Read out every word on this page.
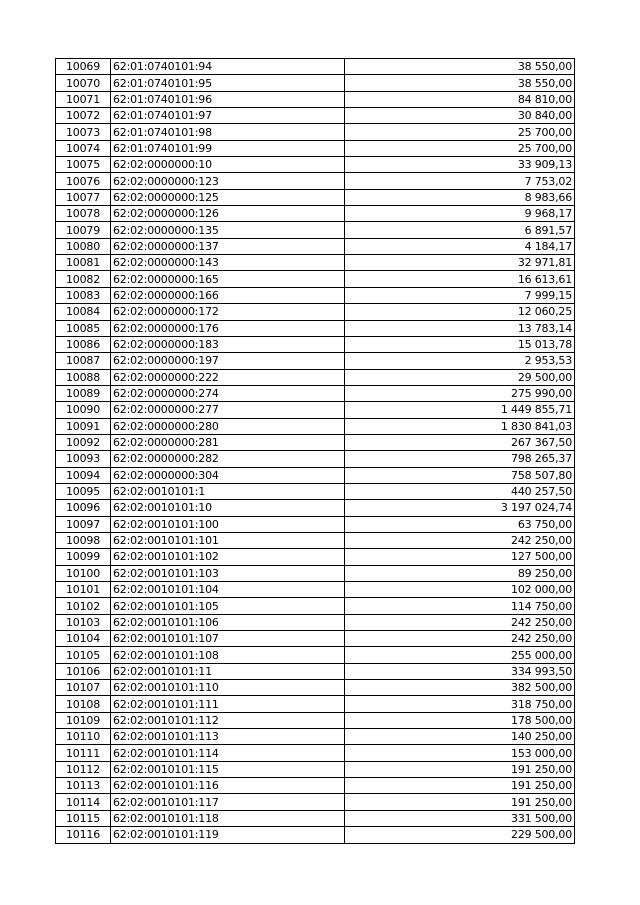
10069	62:01:0740101:94	38 550,00
10070	62:01:0740101:95	38 550,00
10071	62:01:0740101:96	84 810,00
10072	62:01:0740101:97	30 840,00
10073	62:01:0740101:98	25 700,00
10074	62:01:0740101:99	25 700,00
10075	62:02:0000000:10	33 909,13
10076	62:02:0000000:123	7 753,02
10077	62:02:0000000:125	8 983,66
10078	62:02:0000000:126	9 968,17
10079	62:02:0000000:135	6 891,57
10080	62:02:0000000:137	4 184,17
10081	62:02:0000000:143	32 971,81
10082	62:02:0000000:165	16 613,61
10083	62:02:0000000:166	7 999,15
10084	62:02:0000000:172	12 060,25
10085	62:02:0000000:176	13 783,14
10086	62:02:0000000:183	15 013,78
10087	62:02:0000000:197	2 953,53
10088	62:02:0000000:222	29 500,00
10089	62:02:0000000:274	275 990,00
10090	62:02:0000000:277	1 449 855,71
10091	62:02:0000000:280	1 830 841,03
10092	62:02:0000000:281	267 367,50
10093	62:02:0000000:282	798 265,37
10094	62:02:0000000:304	758 507,80
10095	62:02:0010101:1	440 257,50
10096	62:02:0010101:10	3 197 024,74
10097	62:02:0010101:100	63 750,00
10098	62:02:0010101:101	242 250,00
10099	62:02:0010101:102	127 500,00
10100	62:02:0010101:103	89 250,00
10101	62:02:0010101:104	102 000,00
10102	62:02:0010101:105	114 750,00
10103	62:02:0010101:106	242 250,00
10104	62:02:0010101:107	242 250,00
10105	62:02:0010101:108	255 000,00
10106	62:02:0010101:11	334 993,50
10107	62:02:0010101:110	382 500,00
10108	62:02:0010101:111	318 750,00
10109	62:02:0010101:112	178 500,00
10110	62:02:0010101:113	140 250,00
10111	62:02:0010101:114	153 000,00
10112	62:02:0010101:115	191 250,00
10113	62:02:0010101:116	191 250,00
10114	62:02:0010101:117	191 250,00
10115	62:02:0010101:118	331 500,00
10116	62:02:0010101:119	229 500,00
